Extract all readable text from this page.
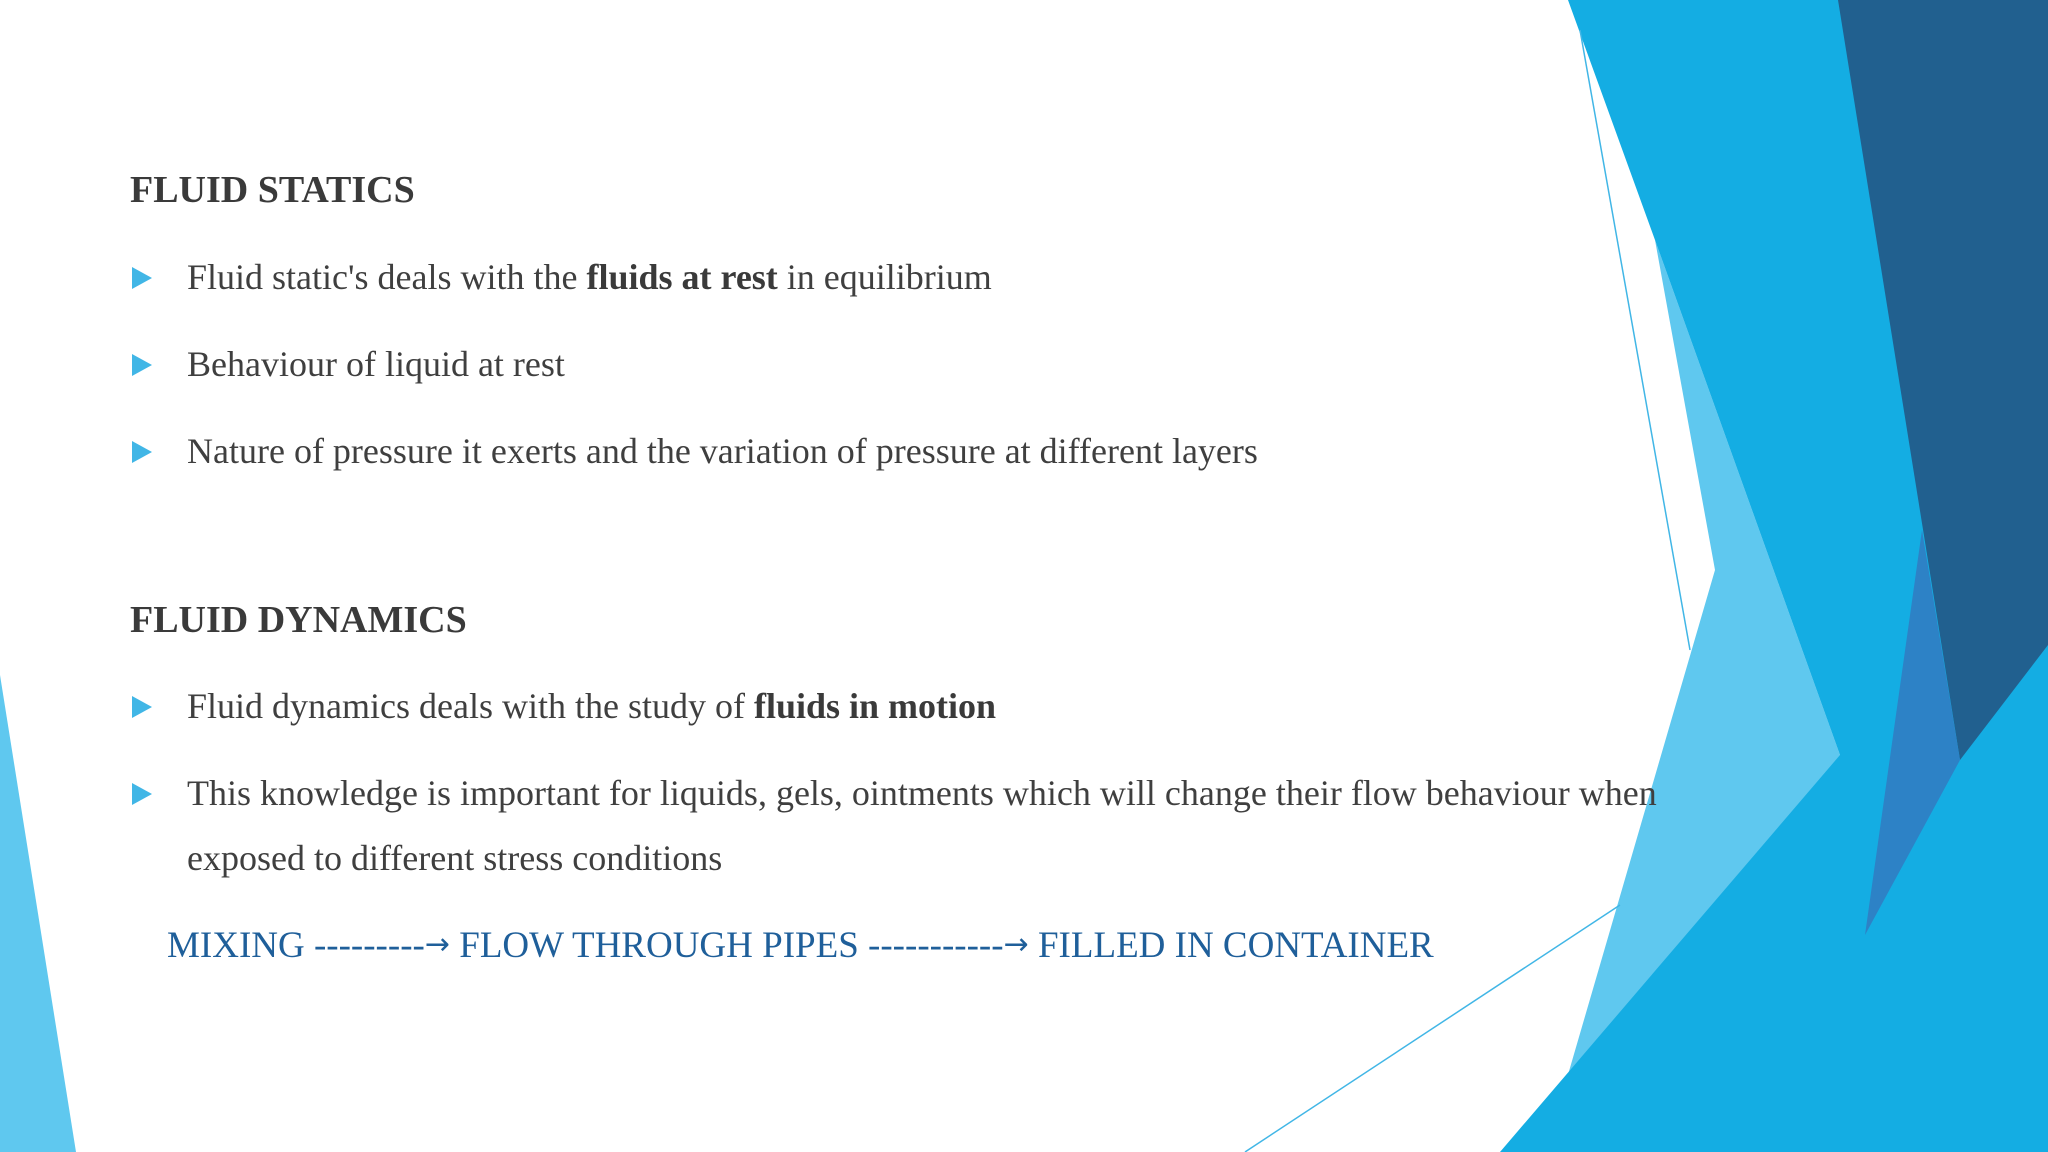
FLUID STATICS
Fluid static's deals with the fluids at rest in equilibrium
Behaviour of liquid at rest
Nature of pressure it exerts and the variation of pressure at different layers
FLUID DYNAMICS
Fluid dynamics deals with the study of fluids in motion
This knowledge is important for liquids, gels, ointments which will change their flow behaviour when exposed to different stress conditions
MIXING ---------→ FLOW THROUGH PIPES -----------→ FILLED IN CONTAINER
